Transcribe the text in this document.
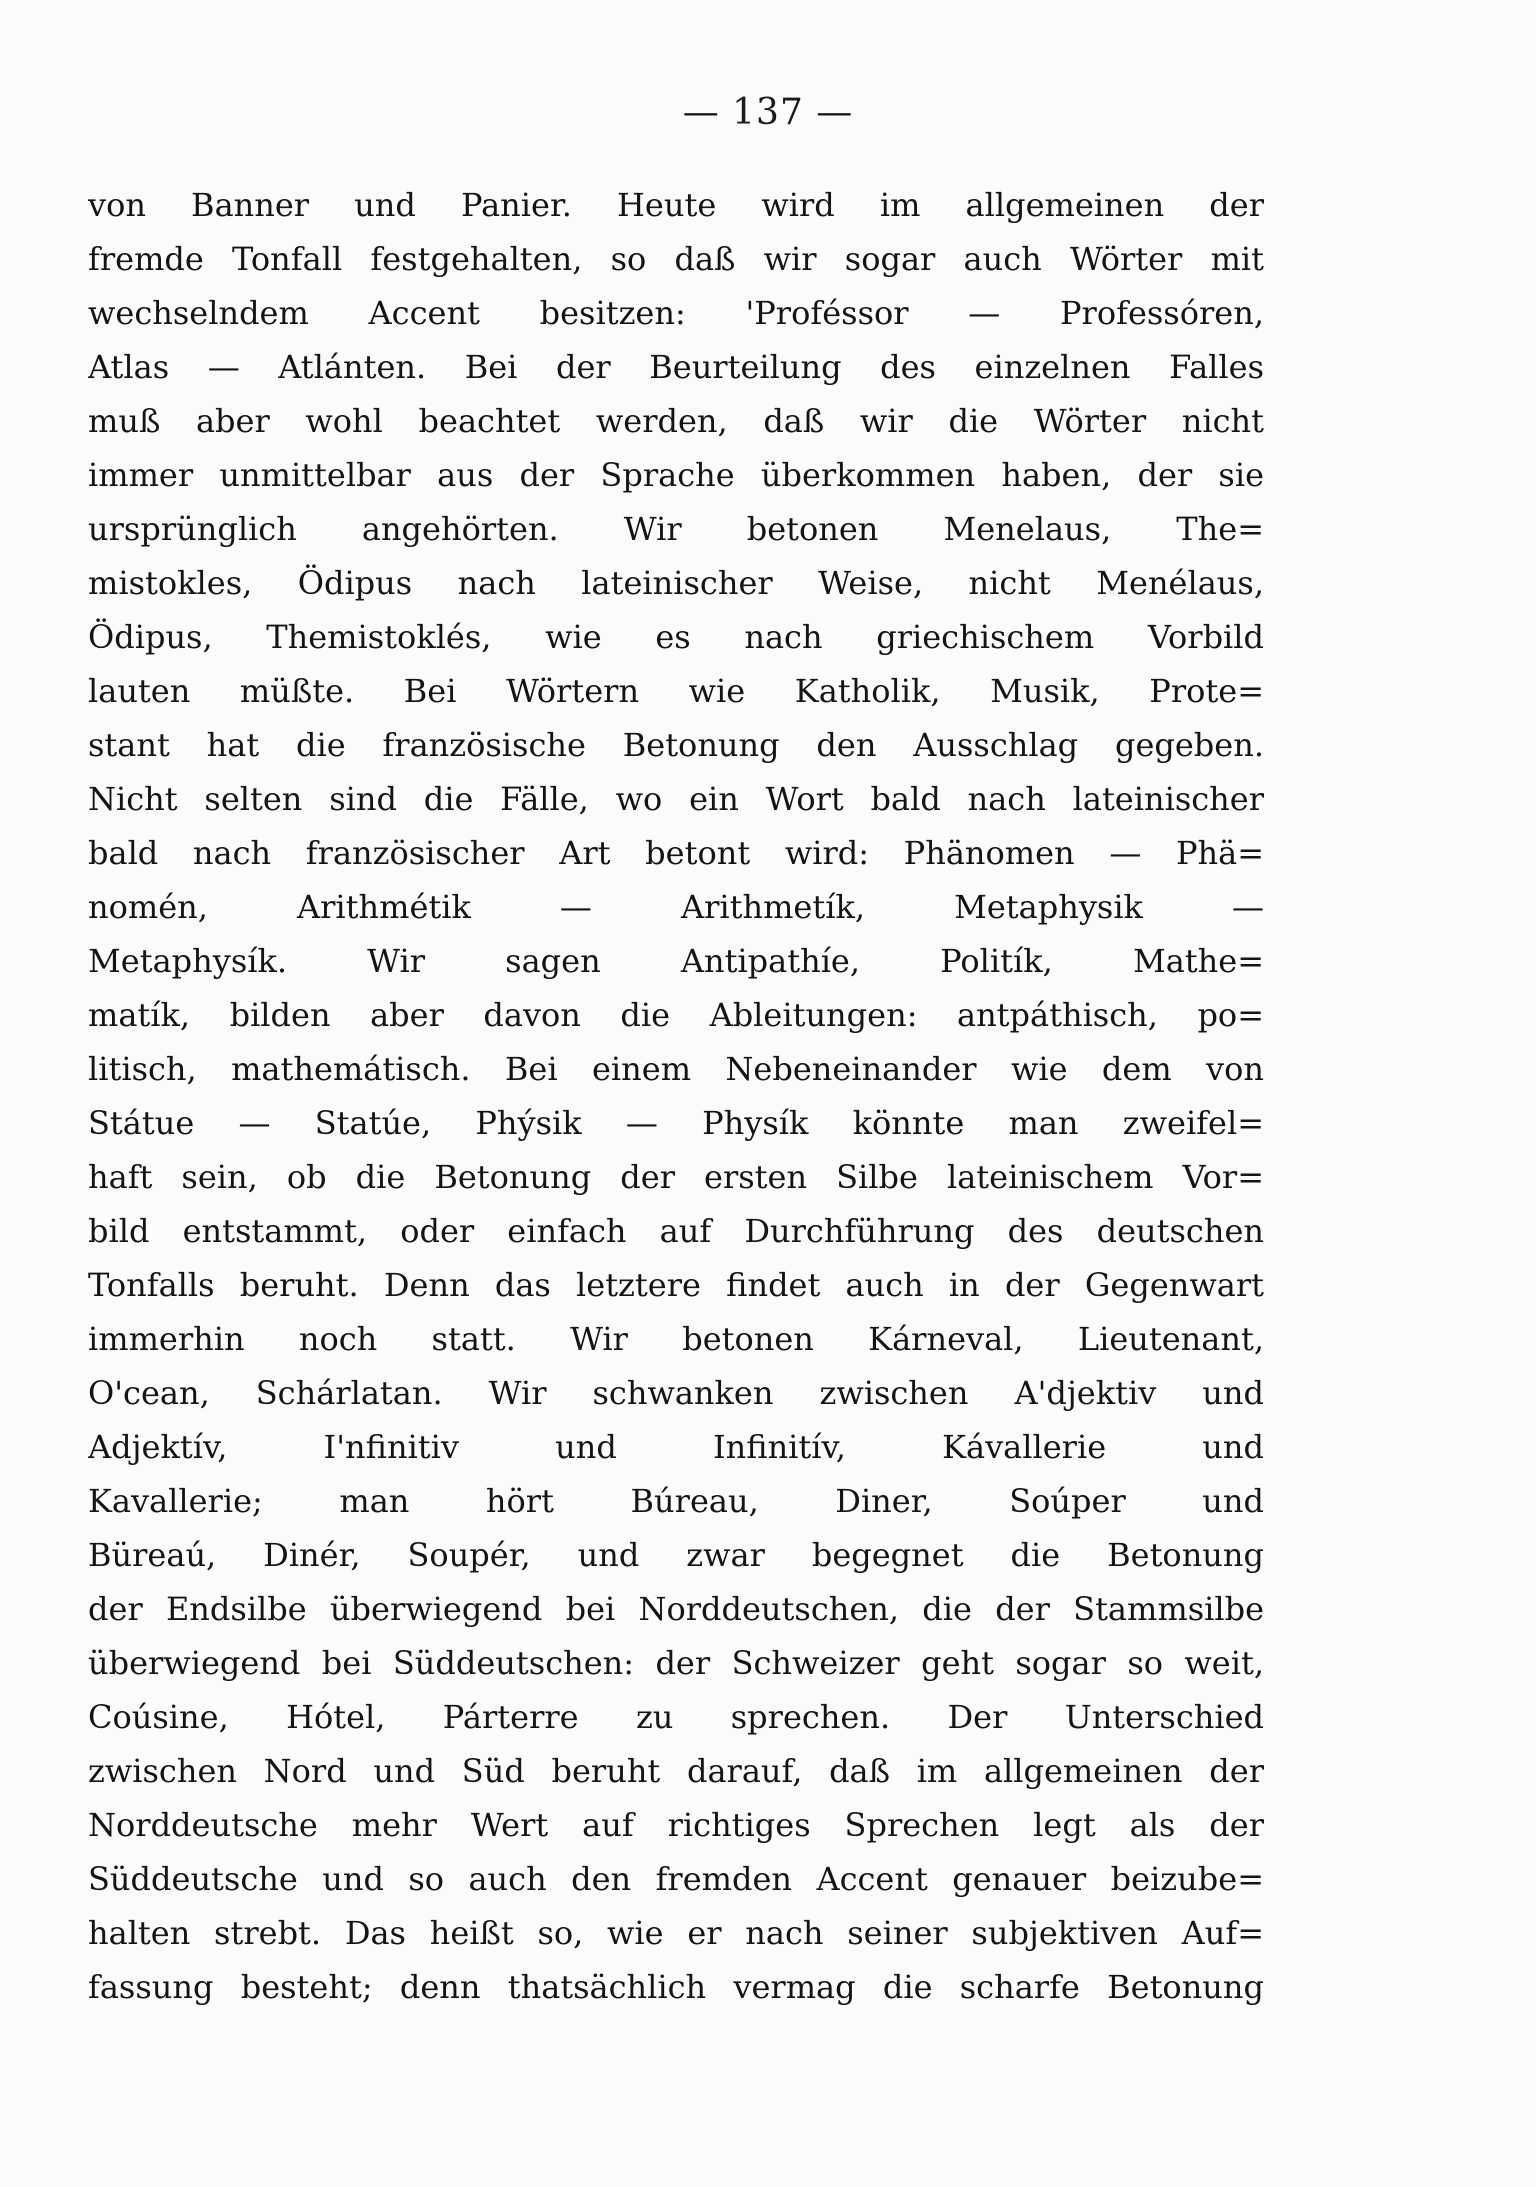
— 137 —
von Banner und Panier. Heute wird im allgemeinen der
fremde Tonfall festgehalten, so daß wir sogar auch Wörter mit
wechselndem Accent besitzen: 'Proféssor — Professóren,
Atlas — Atlánten. Bei der Beurteilung des einzelnen Falles
muß aber wohl beachtet werden, daß wir die Wörter nicht
immer unmittelbar aus der Sprache überkommen haben, der sie
ursprünglich angehörten. Wir betonen Menelaus, The=
mistokles, Ödipus nach lateinischer Weise, nicht Menélaus,
Ödipus, Themistoklés, wie es nach griechischem Vorbild
lauten müßte. Bei Wörtern wie Katholik, Musik, Prote=
stant hat die französische Betonung den Ausschlag gegeben.
Nicht selten sind die Fälle, wo ein Wort bald nach lateinischer
bald nach französischer Art betont wird: Phänomen — Phä=
nomén, Arithmétik — Arithmetík, Metaphysik —
Metaphysík. Wir sagen Antipathíe, Politík, Mathe=
matík, bilden aber davon die Ableitungen: antpáthisch, po=
litisch, mathemátisch. Bei einem Nebeneinander wie dem von
Státue — Statúe, Phýsik — Physík könnte man zweifel=
haft sein, ob die Betonung der ersten Silbe lateinischem Vor=
bild entstammt, oder einfach auf Durchführung des deutschen
Tonfalls beruht. Denn das letztere findet auch in der Gegenwart
immerhin noch statt. Wir betonen Kárneval, Lieutenant,
O'cean, Schárlatan. Wir schwanken zwischen A'djektiv und
Adjektív, I'nfinitiv und Infinitív, Kávallerie und
Kavallerie; man hört Búreau, Diner, Soúper und
Büreaú, Dinér, Soupér, und zwar begegnet die Betonung
der Endsilbe überwiegend bei Norddeutschen, die der Stammsilbe
überwiegend bei Süddeutschen: der Schweizer geht sogar so weit,
Coúsine, Hótel, Párterre zu sprechen. Der Unterschied
zwischen Nord und Süd beruht darauf, daß im allgemeinen der
Norddeutsche mehr Wert auf richtiges Sprechen legt als der
Süddeutsche und so auch den fremden Accent genauer beizube=
halten strebt. Das heißt so, wie er nach seiner subjektiven Auf=
fassung besteht; denn thatsächlich vermag die scharfe Betonung
